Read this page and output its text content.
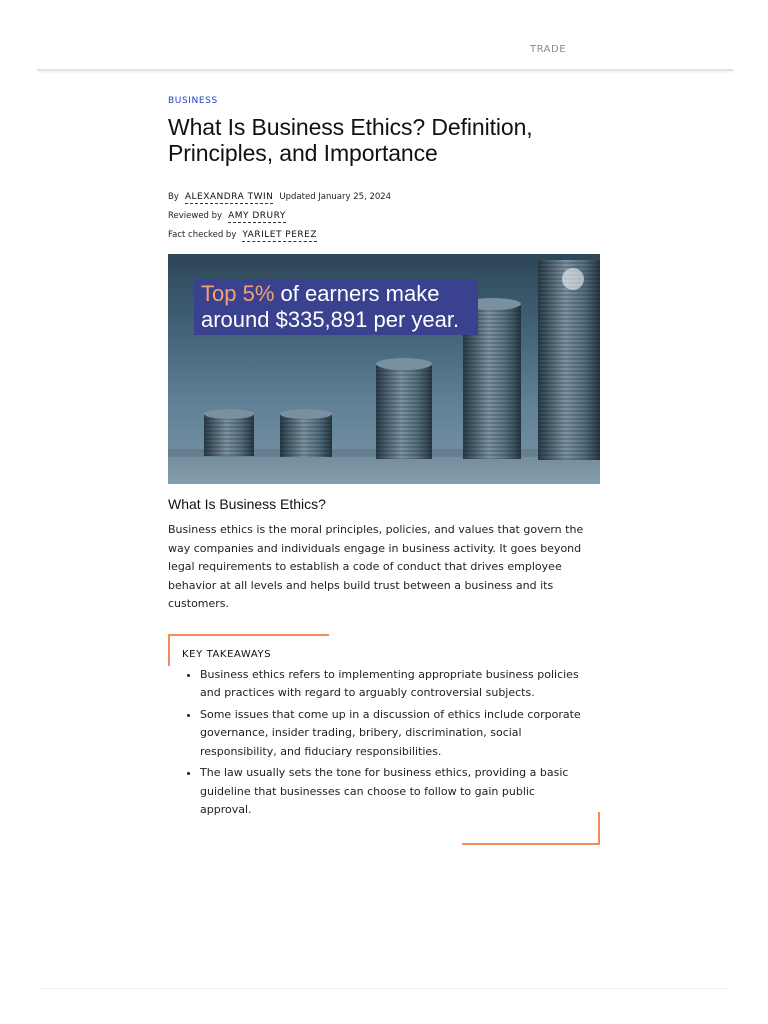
TRADE
BUSINESS
What Is Business Ethics? Definition, Principles, and Importance
By ALEXANDRA TWIN Updated January 25, 2024
Reviewed by AMY DRURY
Fact checked by YARILET PEREZ
Top 5% of earners make
around $335,891 per year.
What Is Business Ethics?

Business ethics is the moral principles, policies, and values that govern the way companies and individuals engage in business activity. It goes beyond legal requirements to establish a code of conduct that drives employee behavior at all levels and helps build trust between a business and its customers.

KEY TAKEAWAYS
• Business ethics refers to implementing appropriate business policies and practices with regard to arguably controversial subjects.
• Some issues that come up in a discussion of ethics include corporate governance, insider trading, bribery, discrimination, social responsibility, and fiduciary responsibilities.
• The law usually sets the tone for business ethics, providing a basic guideline that businesses can choose to follow to gain public approval.
